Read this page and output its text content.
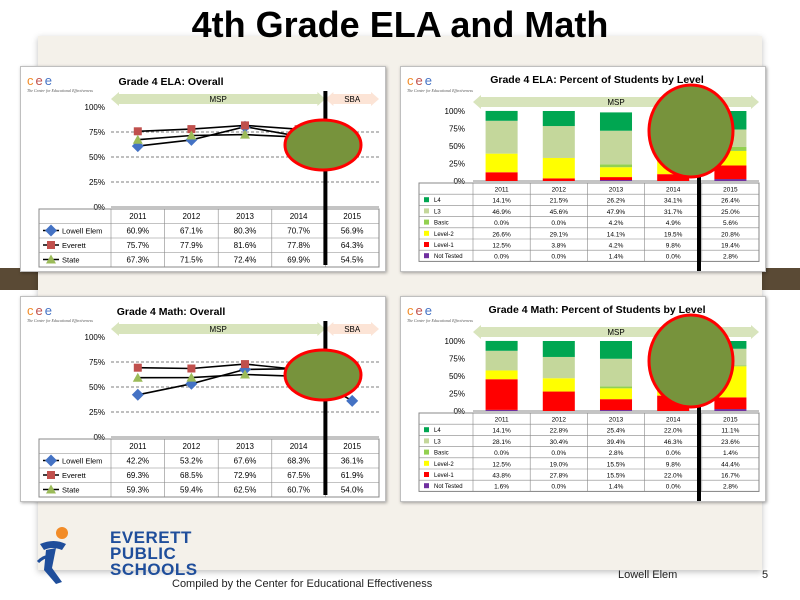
4th Grade ELA and Math
Grade 4 ELA: Overall
MSP	SBA
100%
75%
50%
25%
0%
2011	2012	2013	2014	2015
Lowell Elem	60.9%	67.1%	80.3%	70.7%	56.9%
Everett	75.7%	77.9%	81.6%	77.8%	64.3%
State	67.3%	71.5%	72.4%	69.9%	54.5%
cee
The Center for Educational Effectiveness
Grade 4 ELA: Percent of Students by Level
MSP
100%
75%
50%
25%
0%
2011	2012	2013	2014	2015
L4	14.1%	21.5%	26.2%	34.1%	26.4%
L3	46.9%	45.6%	47.9%	31.7%	25.0%
Basic	0.0%	0.0%	4.2%	4.9%	5.6%
Level-2	26.6%	29.1%	14.1%	19.5%	20.8%
Level-1	12.5%	3.8%	4.2%	9.8%	19.4%
Not Tested	0.0%	0.0%	1.4%	0.0%	2.8%
cee
The Center for Educational Effectiveness
Grade 4 Math: Overall
MSP	SBA
100%
75%
50%
25%
0%
2011	2012	2013	2014	2015
Lowell Elem	42.2%	53.2%	67.6%	68.3%	36.1%
Everett	69.3%	68.5%	72.9%	67.5%	61.9%
State	59.3%	59.4%	62.5%	60.7%	54.0%
cee
The Center for Educational Effectiveness
Grade 4 Math: Percent of Students by Level
MSP
100%
75%
50%
25%
0%
2011	2012	2013	2014	2015
L4	14.1%	22.8%	25.4%	22.0%	11.1%
L3	28.1%	30.4%	39.4%	46.3%	23.6%
Basic	0.0%	0.0%	2.8%	0.0%	1.4%
Level-2	12.5%	19.0%	15.5%	9.8%	44.4%
Level-1	43.8%	27.8%	15.5%	22.0%	16.7%
Not Tested	1.6%	0.0%	1.4%	0.0%	2.8%
cee
The Center for Educational Effectiveness
EVERETT
PUBLIC
SCHOOLS
Compiled by the Center for Educational Effectiveness
Lowell Elem	5
